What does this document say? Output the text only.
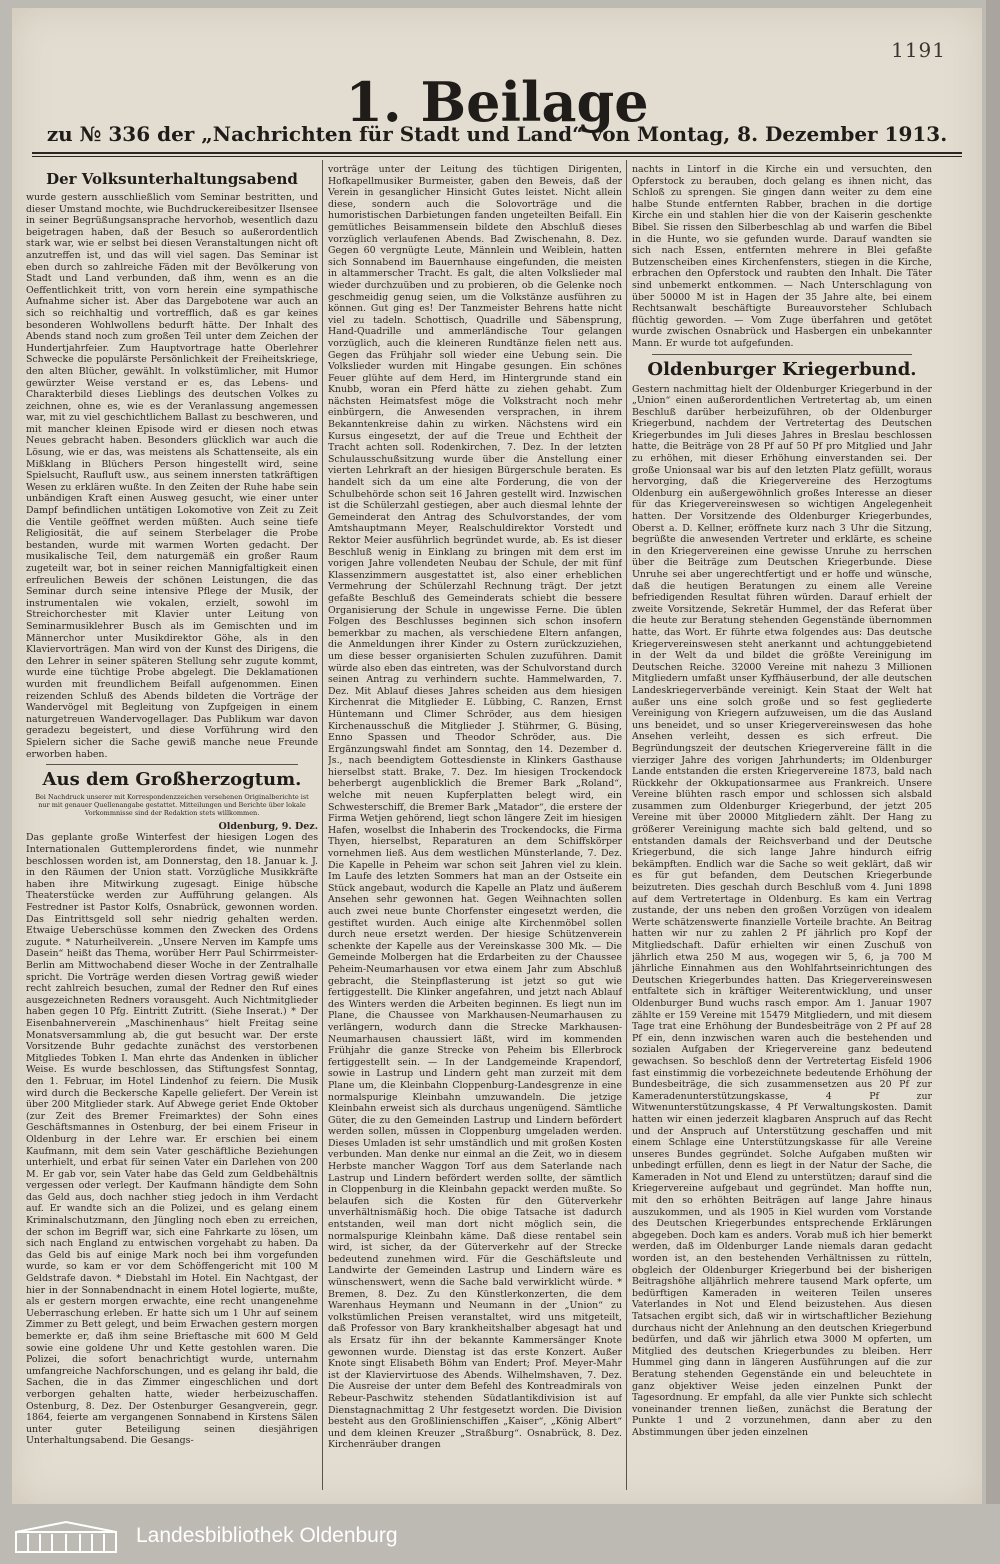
1191
1. Beilage
zu № 336 der „Nachrichten für Stadt und Land“ von Montag, 8. Dezember 1913.
Der Volksunterhaltungsabend

wurde gestern ausschließlich vom Seminar bestritten, und dieser Umstand mochte, wie Buchdruckereibesitzer Ilsensee in seiner Begrüßungsansprache hervorhob, wesentlich dazu beigetragen haben, daß der Besuch so außerordentlich stark war, wie er selbst bei diesen Veranstaltungen nicht oft anzutreffen ist, und das will viel sagen. Das Seminar ist eben durch so zahlreiche Fäden mit der Bevölkerung von Stadt und Land verbunden, daß ihm, wenn es an die Oeffentlichkeit tritt, von vorn herein eine sympathische Aufnahme sicher ist. Aber das Dargebotene war auch an sich so reichhaltig und vortrefflich, daß es gar keines besonderen Wohlwollens bedurft hätte. Der Inhalt des Abends stand noch zum großen Teil unter dem Zeichen der Hundertjahrfeier. Zum Hauptvortrage hatte Oberlehrer Schwecke die populärste Persönlichkeit der Freiheitskriege, den alten Blücher, gewählt. In volkstümlicher, mit Humor gewürzter Weise verstand er es, das Lebens- und Charakterbild dieses Lieblings des deutschen Volkes zu zeichnen, ohne es, wie es der Veranlassung angemessen war, mit zu viel geschichtlichem Ballast zu beschweren, und mit mancher kleinen Episode wird er diesen noch etwas Neues gebracht haben. Besonders glücklich war auch die Lösung, wie er das, was meistens als Schattenseite, als ein Mißklang in Blüchers Person hingestellt wird, seine Spielsucht, Raufluft usw., aus seinem innersten tatkräftigen Wesen zu erklären wußte. In den Zeiten der Ruhe habe sein unbändigen Kraft einen Ausweg gesucht, wie einer unter Dampf befindlichen untätigen Lokomotive von Zeit zu Zeit die Ventile geöffnet werden müßten. Auch seine tiefe Religiosität, die auf seinem Sterbelager die Probe bestanden, wurde mit warmen Worten gedacht. Der musikalische Teil, dem naturgemäß ein großer Raum zugeteilt war, bot in seiner reichen Mannigfaltigkeit einen erfreulichen Beweis der schönen Leistungen, die das Seminar durch seine intensive Pflege der Musik, der instrumentalen wie vokalen, erzielt, sowohl im Streichorchester mit Klavier unter Leitung von Seminarmusiklehrer Busch als im Gemischten und im Männerchor unter Musikdirektor Göhe, als in den Klaviervorträgen. Man wird von der Kunst des Dirigens, die den Lehrer in seiner späteren Stellung sehr zugute kommt, wurde eine tüchtige Probe abgelegt. Die Deklamationen wurden mit freundlichem Beifall aufgenommen. Einen reizenden Schluß des Abends bildeten die Vorträge der Wandervögel mit Begleitung von Zupfgeigen in einem naturgetreuen Wandervogellager. Das Publikum war davon geradezu begeistert, und diese Vorführung wird den Spielern sicher die Sache gewiß manche neue Freunde erworben haben.

Aus dem Großherzogtum.
Bei Nachdruck unserer mit Korrespondenzzeichen versehenen Originalberichte ist nur mit genauer Quellenangabe gestattet. Mitteilungen und Berichte über lokale Vorkommnisse sind der Redaktion stets willkommen.
Oldenburg, 9. Dez.

Das geplante große Winterfest der hiesigen Logen des Internationalen Guttemplerordens findet, wie nunmehr beschlossen worden ist, am Donnerstag, den 18. Januar k. J. in den Räumen der Union statt. Vorzügliche Musikkräfte haben ihre Mitwirkung zugesagt. Einige hübsche Theaterstücke werden zur Aufführung gelangen. Als Festredner ist Pastor Kolfs, Osnabrück, gewonnen worden. Das Eintrittsgeld soll sehr niedrig gehalten werden. Etwaige Ueberschüsse kommen den Zwecken des Ordens zugute. * Naturheilverein. „Unsere Nerven im Kampfe ums Dasein“ heißt das Thema, worüber Herr Paul Schirrmeister-Berlin am Mittwochabend dieser Woche in der Zentralhalle spricht. Die Vorträge werden diesen Vortrag gewiß wieder recht zahlreich besuchen, zumal der Redner den Ruf eines ausgezeichneten Redners vorausgeht. Auch Nichtmitglieder haben gegen 10 Pfg. Eintritt Zutritt. (Siehe Inserat.) * Der Eisenbahnerverein „Maschinenhaus“ hielt Freitag seine Monatsversammlung ab, die gut besucht war. Der erste Vorsitzende Buhr gedachte zunächst des verstorbenen Mitgliedes Tobken I. Man ehrte das Andenken in üblicher Weise. Es wurde beschlossen, das Stiftungsfest Sonntag, den 1. Februar, im Hotel Lindenhof zu feiern. Die Musik wird durch die Beckersche Kapelle geliefert. Der Verein ist über 200 Mitglieder stark. Auf Abwege geriet Ende Oktober (zur Zeit des Bremer Freimarktes) der Sohn eines Geschäftsmannes in Ostenburg, der bei einem Friseur in Oldenburg in der Lehre war. Er erschien bei einem Kaufmann, mit dem sein Vater geschäftliche Beziehungen unterhielt, und erbat für seinen Vater ein Darlehen von 200 M. Er gab vor, sein Vater habe das Geld zum Geldbehältnis vergessen oder verlegt. Der Kaufmann händigte dem Sohn das Geld aus, doch nachher stieg jedoch in ihm Verdacht auf. Er wandte sich an die Polizei, und es gelang einem Kriminalschutzmann, den Jüngling noch eben zu erreichen, der schon im Begriff war, sich eine Fahrkarte zu lösen, um sich nach England zu entwischen vorgehabt zu haben. Da das Geld bis auf einige Mark noch bei ihm vorgefunden wurde, so kam er vor dem Schöffengericht mit 100 M Geldstrafe davon. * Diebstahl im Hotel. Ein Nachtgast, der hier in der Sonnabendnacht in einem Hotel logierte, mußte, als er gestern morgen erwachte, eine recht unangenehme Ueberraschung erleben. Er hatte sich um 1 Uhr auf seinem Zimmer zu Bett gelegt, und beim Erwachen gestern morgen bemerkte er, daß ihm seine Brieftasche mit 600 M Geld sowie eine goldene Uhr und Kette gestohlen waren. Die Polizei, die sofort benachrichtigt wurde, unternahm umfangreiche Nachforschungen, und es gelang ihr bald, die Sachen, die in das Zimmer eingeschlichen und dort verborgen gehalten hatte, wieder herbeizuschaffen. Ostenburg, 8. Dez. Der Ostenburger Gesangverein, gegr. 1864, feierte am vergangenen Sonnabend in Kirstens Sälen unter guter Beteiligung seinen diesjährigen Unterhaltungsabend. Die Gesangs-

vorträge unter der Leitung des tüchtigen Dirigenten, Hofkapellmusiker Burmeister, gaben den Beweis, daß der Verein in gesanglicher Hinsicht Gutes leistet. Nicht allein diese, sondern auch die Solovorträge und die humoristischen Darbietungen fanden ungeteilten Beifall. Ein gemütliches Beisammensein bildete den Abschluß dieses vorzüglich verlaufenen Abends. Bad Zwischenahn, 8. Dez. Gegen 60 vergnügte Leute, Männlein und Weiblein, hatten sich Sonnabend im Bauernhause eingefunden, die meisten in altammerscher Tracht. Es galt, die alten Volkslieder mal wieder durchzuüben und zu probieren, ob die Gelenke noch geschmeidig genug seien, um die Volkstänze ausführen zu können. Gut ging es! Der Tanzmeister Behrens hatte nicht viel zu tadeln. Schottisch, Quadrille und Säbensprung, Hand-Quadrille und ammerländische Tour gelangen vorzüglich, auch die kleineren Rundtänze fielen nett aus. Gegen das Frühjahr soll wieder eine Uebung sein. Die Volkslieder wurden mit Hingabe gesungen. Ein schönes Feuer glühte auf dem Herd, im Hintergrunde stand ein Knubb, woran ein Pferd hätte zu ziehen gehabt. Zum nächsten Heimatsfest möge die Volkstracht noch mehr einbürgern, die Anwesenden versprachen, in ihrem Bekanntenkreise dahin zu wirken. Nächstens wird ein Kursus eingesetzt, der auf die Treue und Echtheit der Tracht achten soll. Rodenkirchen, 7. Dez. In der letzten Schulausschußsitzung wurde über die Anstellung einer vierten Lehrkraft an der hiesigen Bürgerschule beraten. Es handelt sich da um eine alte Forderung, die von der Schulbehörde schon seit 16 Jahren gestellt wird. Inzwischen ist die Schülerzahl gestiegen, aber auch diesmal lehnte der Gemeinderat den Antrag des Schulvorstandes, der vom Amtshauptmann Meyer, Realschuldirektor Vorstedt und Rektor Meier ausführlich begründet wurde, ab. Es ist dieser Beschluß wenig in Einklang zu bringen mit dem erst im vorigen Jahre vollendeten Neubau der Schule, der mit fünf Klassenzimmern ausgestattet ist, also einer erheblichen Vermehrung der Schülerzahl Rechnung trägt. Der jetzt gefaßte Beschluß des Gemeinderats schiebt die bessere Organisierung der Schule in ungewisse Ferne. Die üblen Folgen des Beschlusses beginnen sich schon insofern bemerkbar zu machen, als verschiedene Eltern anfangen, die Anmeldungen ihrer Kinder zu Ostern zurückzuziehen, um diese besser organisierten Schulen zuzuführen. Damit würde also eben das eintreten, was der Schulvorstand durch seinen Antrag zu verhindern suchte. Hammelwarden, 7. Dez. Mit Ablauf dieses Jahres scheiden aus dem hiesigen Kirchenrat die Mitglieder E. Lübbing, C. Ranzen, Ernst Hüntemann und Climer Schröder, aus dem hiesigen Kirchenausschuß die Mitglieder J. Stührmer, G. Büsing, Enno Spassen und Theodor Schröder, aus. Die Ergänzungswahl findet am Sonntag, den 14. Dezember d. Js., nach beendigtem Gottesdienste in Klinkers Gasthause hierselbst statt. Brake, 7. Dez. Im hiesigen Trockendock beherbergt augenblicklich die Bremer Bark „Roland“, welche mit neuen Kupferplatten belegt wird, ein Schwesterschiff, die Bremer Bark „Matador“, die erstere der Firma Wetjen gehörend, liegt schon längere Zeit im hiesigen Hafen, woselbst die Inhaberin des Trockendocks, die Firma Thyen, hierselbst, Reparaturen an dem Schiffskörper vornehmen ließ. Aus dem westlichen Münsterlande, 7. Dez. Die Kapelle in Peheim war schon seit Jahren viel zu klein. Im Laufe des letzten Sommers hat man an der Ostseite ein Stück angebaut, wodurch die Kapelle an Platz und äußerem Ansehen sehr gewonnen hat. Gegen Weihnachten sollen auch zwei neue bunte Chorfenster eingesetzt werden, die gestiftet wurden. Auch einige alte Kirchenmöbel sollen durch neue ersetzt werden. Der hiesige Schützenverein schenkte der Kapelle aus der Vereinskasse 300 Mk. — Die Gemeinde Molbergen hat die Erdarbeiten zu der Chaussee Peheim-Neumarhausen vor etwa einem Jahr zum Abschluß gebracht, die Steinpflasterung ist jetzt so gut wie fertiggestellt. Die Klinker angefahren, und jetzt nach Ablauf des Winters werden die Arbeiten beginnen. Es liegt nun im Plane, die Chaussee von Markhausen-Neumarhausen zu verlängern, wodurch dann die Strecke Markhausen-Neumarhausen chaussiert läßt, wird im kommenden Frühjahr die ganze Strecke von Peheim bis Ellerbrock fertiggestellt sein. — In der Landgemeinde Krapendorf, sowie in Lastrup und Lindern geht man zurzeit mit dem Plane um, die Kleinbahn Cloppenburg-Landesgrenze in eine normalspurige Kleinbahn umzuwandeln. Die jetzige Kleinbahn erweist sich als durchaus ungenügend. Sämtliche Güter, die zu den Gemeinden Lastrup und Lindern befördert werden sollen, müssen in Cloppenburg umgeladen werden. Dieses Umladen ist sehr umständlich und mit großen Kosten verbunden. Man denke nur einmal an die Zeit, wo in diesem Herbste mancher Waggon Torf aus dem Saterlande nach Lastrup und Lindern befördert werden sollte, der sämtlich in Cloppenburg in die Kleinbahn gepackt werden mußte. So belaufen sich die Kosten für den Güterverkehr unverhältnismäßig hoch. Die obige Tatsache ist dadurch entstanden, weil man dort nicht möglich sein, die normalspurige Kleinbahn käme. Daß diese rentabel sein wird, ist sicher, da der Güterverkehr auf der Strecke bedeutend zunehmen wird. Für die Geschäftsleute und Landwirte der Gemeinden Lastrup und Lindern wäre es wünschenswert, wenn die Sache bald verwirklicht würde. * Bremen, 8. Dez. Zu den Künstlerkonzerten, die dem Warenhaus Heymann und Neumann in der „Union“ zu volkstümlichen Preisen veranstaltet, wird uns mitgeteilt, daß Professor von Bary krankheitshalber abgesagt hat und als Ersatz für ihn der bekannte Kammersänger Knote gewonnen wurde. Dienstag ist das erste Konzert. Außer Knote singt Elisabeth Böhm van Endert; Prof. Meyer-Mahr ist der Klaviervirtuose des Abends. Wilhelmshaven, 7. Dez. Die Ausreise der unter dem Befehl des Kontreadmirals von Rebeur-Paschwitz stehenden Südatlantikdivision ist auf Dienstagnachmittag 2 Uhr festgesetzt worden. Die Division besteht aus den Großlinienschiffen „Kaiser“, „König Albert“ und dem kleinen Kreuzer „Straßburg“. Osnabrück, 8. Dez. Kirchenräuber drangen

nachts in Lintorf in die Kirche ein und versuchten, den Opferstock zu berauben, doch gelang es ihnen nicht, das Schloß zu sprengen. Sie gingen dann weiter zu dem eine halbe Stunde entfernten Rabber, brachen in die dortige Kirche ein und stahlen hier die von der Kaiserin geschenkte Bibel. Sie rissen den Silberbeschlag ab und warfen die Bibel in die Hunte, wo sie gefunden wurde. Darauf wandten sie sich nach Essen, entfernten mehrere in Blei gefaßte Butzenscheiben eines Kirchenfensters, stiegen in die Kirche, erbrachen den Opferstock und raubten den Inhalt. Die Täter sind unbemerkt entkommen. — Nach Unterschlagung von über 50000 M ist in Hagen der 35 Jahre alte, bei einem Rechtsanwalt beschäftigte Bureauvorsteher Schlubach flüchtig geworden. — Vom Zuge überfahren und getötet wurde zwischen Osnabrück und Hasbergen ein unbekannter Mann. Er wurde tot aufgefunden.

Oldenburger Kriegerbund.

Gestern nachmittag hielt der Oldenburger Kriegerbund in der „Union“ einen außerordentlichen Vertretertag ab, um einen Beschluß darüber herbeizuführen, ob der Oldenburger Kriegerbund, nachdem der Vertretertag des Deutschen Kriegerbundes im Juli dieses Jahres in Breslau beschlossen hatte, die Beiträge von 28 Pf auf 50 Pf pro Mitglied und Jahr zu erhöhen, mit dieser Erhöhung einverstanden sei. Der große Unionsaal war bis auf den letzten Platz gefüllt, woraus hervorging, daß die Kriegervereine des Herzogtums Oldenburg ein außergewöhnlich großes Interesse an dieser für das Kriegervereinswesen so wichtigen Angelegenheit hatten. Der Vorsitzende des Oldenburger Kriegerbundes, Oberst a. D. Kellner, eröffnete kurz nach 3 Uhr die Sitzung, begrüßte die anwesenden Vertreter und erklärte, es scheine in den Kriegervereinen eine gewisse Unruhe zu herrschen über die Beiträge zum Deutschen Kriegerbunde. Diese Unruhe sei aber ungerechtfertigt und er hoffe und wünsche, daß die heutigen Beratungen zu einem alle Vereine befriedigenden Resultat führen würden. Darauf erhielt der zweite Vorsitzende, Sekretär Hummel, der das Referat über die heute zur Beratung stehenden Gegenstände übernommen hatte, das Wort. Er führte etwa folgendes aus: Das deutsche Kriegervereinswesen steht anerkannt und achtunggebietend in der Welt da und bildet die größte Vereinigung im Deutschen Reiche. 32000 Vereine mit nahezu 3 Millionen Mitgliedern umfaßt unser Kyffhäuserbund, der alle deutschen Landeskriegerverbände vereinigt. Kein Staat der Welt hat außer uns eine solch große und so fest gegliederte Vereinigung von Kriegern aufzuweisen, um die das Ausland uns beneidet, und so unser Kriegervereinswesen das hohe Ansehen verleiht, dessen es sich erfreut. Die Begründungszeit der deutschen Kriegervereine fällt in die vierziger Jahre des vorigen Jahrhunderts; im Oldenburger Lande entstanden die ersten Kriegervereine 1873, bald nach Rückkehr der Okkupationsarmee aus Frankreich. Unsere Vereine blühten rasch empor und schlossen sich alsbald zusammen zum Oldenburger Kriegerbund, der jetzt 205 Vereine mit über 20000 Mitgliedern zählt. Der Hang zu größerer Vereinigung machte sich bald geltend, und so entstanden damals der Reichsverband und der Deutsche Kriegerbund, die sich lange Jahre hindurch eifrig bekämpften. Endlich war die Sache so weit geklärt, daß wir es für gut befanden, dem Deutschen Kriegerbunde beizutreten. Dies geschah durch Beschluß vom 4. Juni 1898 auf dem Vertretertage in Oldenburg. Es kam ein Vertrag zustande, der uns neben den großen Vorzügen von idealem Werte schätzenswerte finanzielle Vorteile brachte. An Beitrag hatten wir nur zu zahlen 2 Pf jährlich pro Kopf der Mitgliedschaft. Dafür erhielten wir einen Zuschuß von jährlich etwa 250 M aus, wogegen wir 5, 6, ja 700 M jährliche Einnahmen aus den Wohlfahrtseinrichtungen des Deutschen Kriegerbundes hatten. Das Kriegervereinswesen entfaltete sich in kräftiger Weiterentwicklung, und unser Oldenburger Bund wuchs rasch empor. Am 1. Januar 1907 zählte er 159 Vereine mit 15479 Mitgliedern, und mit diesem Tage trat eine Erhöhung der Bundesbeiträge von 2 Pf auf 28 Pf ein, denn inzwischen waren auch die bestehenden und sozialen Aufgaben der Kriegervereine ganz bedeutend gewachsen. So beschloß denn der Vertretertag Eisfeld 1906 fast einstimmig die vorbezeichnete bedeutende Erhöhung der Bundesbeiträge, die sich zusammensetzen aus 20 Pf zur Kameradenunterstützungskasse, 4 Pf zur Witwenunterstützungskasse, 4 Pf Verwaltungskosten. Damit hatten wir einen jederzeit klagbaren Anspruch auf das Recht und der Anspruch auf Unterstützung geschaffen und mit einem Schlage eine Unterstützungskasse für alle Vereine unseres Bundes gegründet. Solche Aufgaben mußten wir unbedingt erfüllen, denn es liegt in der Natur der Sache, die Kameraden in Not und Elend zu unterstützen; darauf sind die Kriegervereine aufgebaut und gegründet. Man hoffte nun, mit den so erhöhten Beiträgen auf lange Jahre hinaus auszukommen, und als 1905 in Kiel wurden vom Vorstande des Deutschen Kriegerbundes entsprechende Erklärungen abgegeben. Doch kam es anders. Vorab muß ich hier bemerkt werden, daß im Oldenburger Lande niemals daran gedacht worden ist, an den bestehenden Verhältnissen zu rütteln, obgleich der Oldenburger Kriegerbund bei der bisherigen Beitragshöhe alljährlich mehrere tausend Mark opferte, um bedürftigen Kameraden in weiteren Teilen unseres Vaterlandes in Not und Elend beizustehen. Aus diesen Tatsachen ergibt sich, daß wir in wirtschaftlicher Beziehung durchaus nicht der Anlehnung an den deutschen Kriegerbund bedürfen, und daß wir jährlich etwa 3000 M opferten, um Mitglied des deutschen Kriegerbundes zu bleiben. Herr Hummel ging dann in längeren Ausführungen auf die zur Beratung stehenden Gegenstände ein und beleuchtete in ganz objektiver Weise jeden einzelnen Punkt der Tagesordnung. Er empfahl, da alle vier Punkte sich schlecht voneinander trennen ließen, zunächst die Beratung der Punkte 1 und 2 vorzunehmen, dann aber zu den Abstimmungen über jeden einzelnen

Landesbibliothek Oldenburg
